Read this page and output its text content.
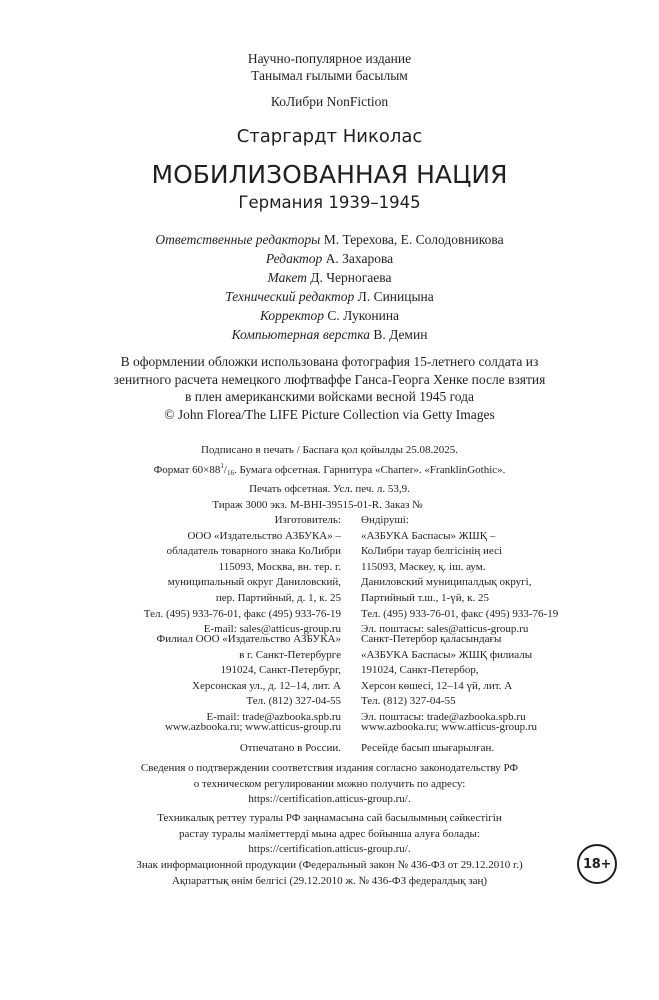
Научно-популярное издание
Танымал ғылыми басылым
КоЛибри NonFiction
Старгардт Николас
МОБИЛИЗОВАННАЯ НАЦИЯ
Германия 1939–1945
Ответственные редакторы М. Терехова, Е. Солодовникова
Редактор А. Захарова
Макет Д. Черногаева
Технический редактор Л. Синицына
Корректор С. Луконина
Компьютерная верстка В. Демин
В оформлении обложки использована фотография 15-летнего солдата из
зенитного расчета немецкого люфтваффе Ганса-Георга Хенке после взятия
в плен американскими войсками весной 1945 года
© John Florea/The LIFE Picture Collection via Getty Images
Подписано в печать / Баспаға қол қойылды 25.08.2025.
Формат $60\times 88^1/_{16}$. Бумага офсетная. Гарнитура «Charter». «FranklinGothic».
Печать офсетная. Усл. печ. л. 53,9.
Тираж 3000 экз. M-BHI-39515-01-R. Заказ №
Изготовитель:
ООО «Издательство АЗБУКА» –
обладатель товарного знака КоЛибри
115093, Москва, вн. тер. г.
муниципальный округ Даниловский,
пер. Партийный, д. 1, к. 25
Тел. (495) 933-76-01, факс (495) 933-76-19
E-mail: sales@atticus-group.ru
Өндіруші:
«АЗБУКА Баспасы» ЖШҚ –
КоЛибри тауар белгісінің иесі
115093, Мәскеу, қ. іш. аум.
Даниловский муниципалдық округі,
Партийный т.ш., 1-үй, к. 25
Тел. (495) 933-76-01, факс (495) 933-76-19
Эл. поштасы: sales@atticus-group.ru
Филиал ООО «Издательство АЗБУКА»
в г. Санкт-Петербурге
191024, Санкт-Петербург,
Херсонская ул., д. 12–14, лит. А
Тел. (812) 327-04-55
E-mail: trade@azbooka.spb.ru
Санкт-Петербор қаласындағы
«АЗБУКА Баспасы» ЖШҚ филиалы
191024, Санкт-Петербор,
Херсон көшесі, 12–14 үй, лит. А
Тел. (812) 327-04-55
Эл. поштасы: trade@azbooka.spb.ru
www.azbooka.ru; www.atticus-group.ru www.azbooka.ru; www.atticus-group.ru
Отпечатано в России. Ресейде басып шығарылған.
Сведения о подтверждении соответствия издания согласно законодательству РФ
о техническом регулировании можно получить по адресу:
https://certification.atticus-group.ru/.
Техникалық реттеу туралы РФ заңнамасына сай басылымның сәйкестігін
растау туралы мәліметтерді мына адрес бойынша алуға болады:
https://certification.atticus-group.ru/.
Знак информационной продукции (Федеральный закон № 436-ФЗ от 29.12.2010 г.)
Ақпараттық өнім белгісі (29.12.2010 ж. № 436-ФЗ федералдық заң)
18+
